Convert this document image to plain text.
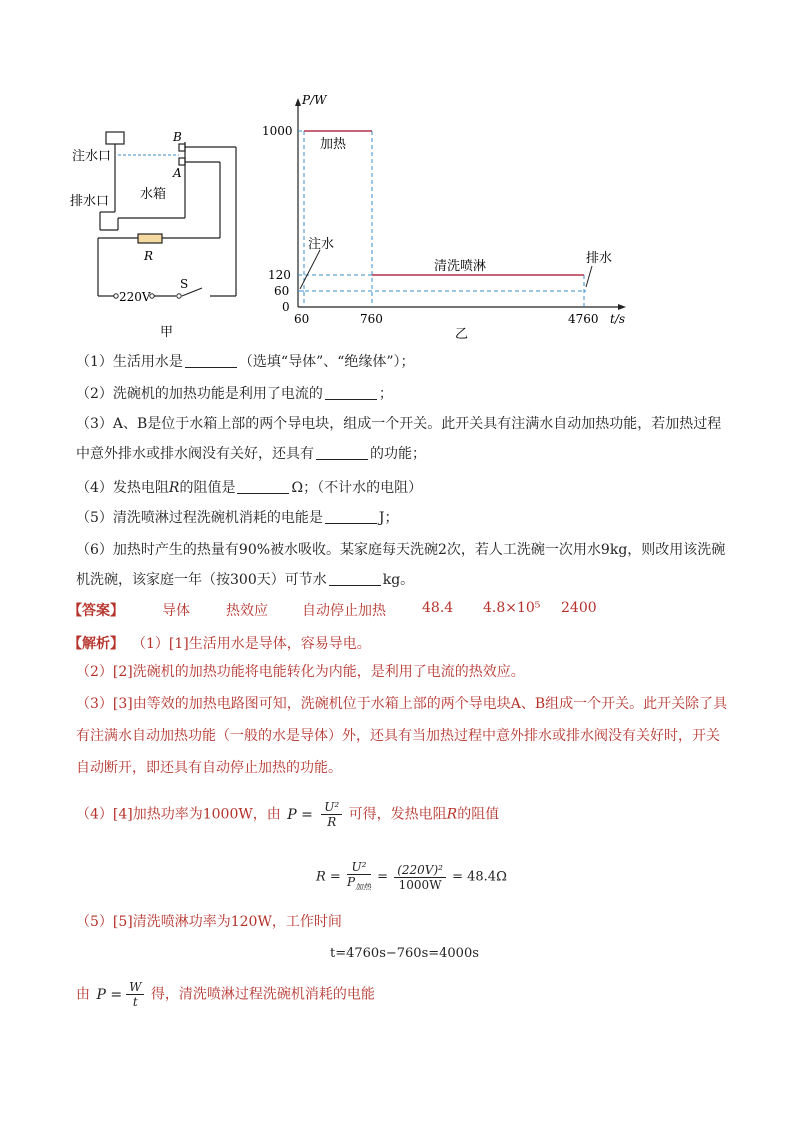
注水口
排水口 水箱
B
A
R
220V
S
甲
1000
120
60
0
60	760	4760
P/W
t/s
加热
注水
清洗喷淋
排水
乙
（1）生活用水是	（选填“导体”、“绝缘体”）；
（2）洗碗机的加热功能是利用了电流的	；
（3）A、B是位于水箱上部的两个导电块，组成一个开关。此开关具有注满水自动加热功能，若加热过程
中意外排水或排水阀没有关好，还具有	的功能；
（4）发热电阻R的阻值是	Ω；（不计水的电阻）
（5）清洗喷淋过程洗碗机消耗的电能是	J；
（6）加热时产生的热量有90%被水吸收。某家庭每天洗碗2次，若人工洗碗一次用水9kg，则改用该洗碗
机洗碗，该家庭一年（按300天）可节水	kg。
【答案】	导体	热效应 自动停止加热	48.4 4.8×10⁵ 2400
【解析】 （1）[1]生活用水是导体，容易导电。
（2）[2]洗碗机的加热功能将电能转化为内能，是利用了电流的热效应。
（3）[3]由等效的加热电路图可知，洗碗机位于水箱上部的两个导电块A、B组成一个开关。此开关除了具有注满水自动加热功能（一般的水是导体）外，还具有当加热过程中意外排水或排水阀没有关好时，开关自动断开，即还具有自动停止加热的功能。
（4）[4]加热功率为1000W，由 $P = \frac{\text{U²}}{R}$ 可得，发热电阻R的阻值
$R = \frac{\text{U²}}{P_{加热}} = \frac{\text{(220V)²}}{1000W} = 48.4\Omega$
（5）[5]清洗喷淋功率为120W，工作时间
t=4760s−760s=4000s
由 $P = \frac{W}{t}$ 得，清洗喷淋过程洗碗机消耗的电能
